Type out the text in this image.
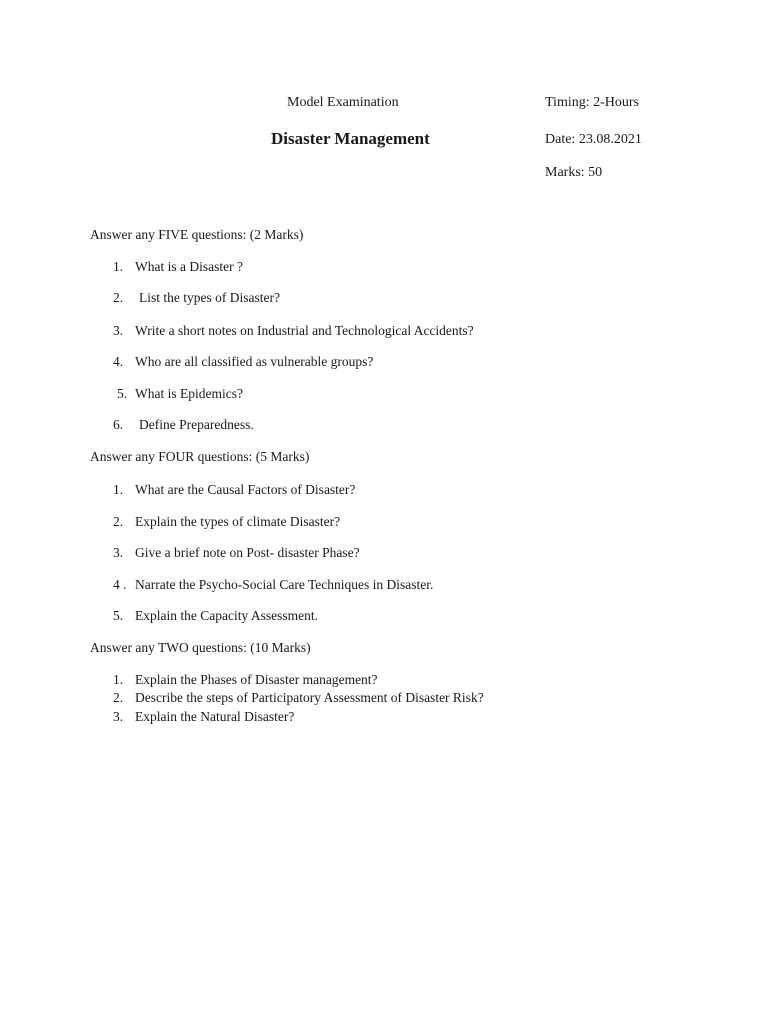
Model Examination
Disaster Management
Timing: 2-Hours
Date: 23.08.2021
Marks: 50
Answer any FIVE questions: (2 Marks)
1. What is a Disaster ?
2. List the types of Disaster?
3. Write a short notes on Industrial and Technological Accidents?
4. Who are all classified as vulnerable groups?
5. What is Epidemics?
6. Define Preparedness.
Answer any FOUR questions: (5 Marks)
1. What are the Causal Factors of Disaster?
2. Explain the types of climate Disaster?
3. Give a brief note on Post- disaster Phase?
4 . Narrate the Psycho-Social Care Techniques in Disaster.
5. Explain the Capacity Assessment.
Answer any TWO questions: (10 Marks)
1. Explain the Phases of Disaster management?
2. Describe the steps of Participatory Assessment of Disaster Risk?
3. Explain the Natural Disaster?
